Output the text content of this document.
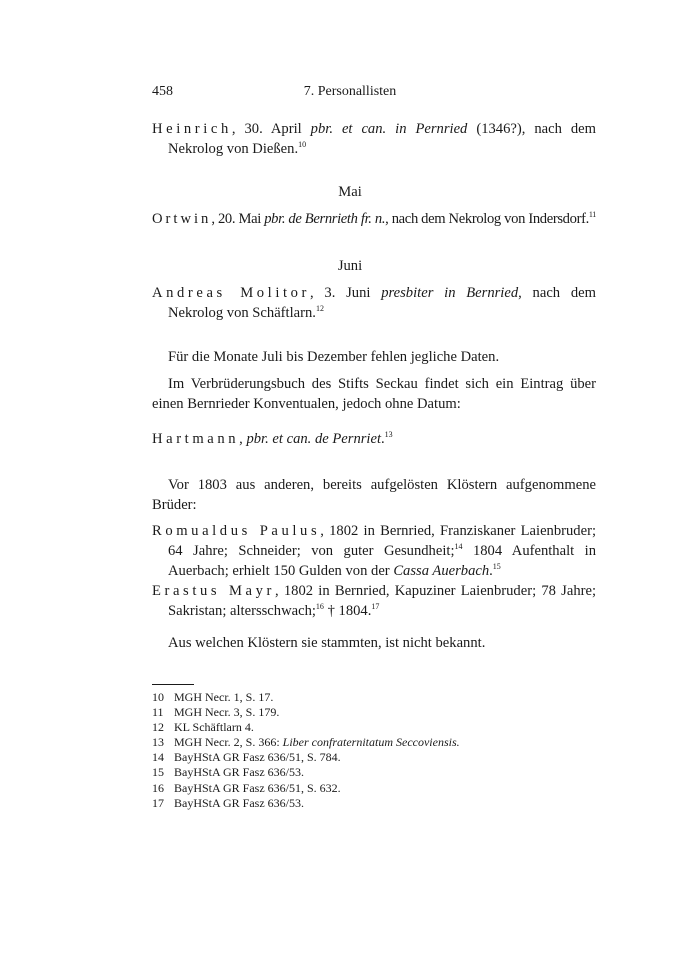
458	7. Personallisten
Heinrich, 30. April pbr. et can. in Pernried (1346?), nach dem Nekrolog von Dießen.$^{10}$
Mai
Ortwin, 20. Mai pbr. de Bernrieth fr. n., nach dem Nekrolog von Indersdorf.$^{11}$
Juni
Andreas Molitor, 3. Juni presbiter in Bernried, nach dem Nekrolog von Schäftlarn.$^{12}$
Für die Monate Juli bis Dezember fehlen jegliche Daten.
Im Verbrüderungsbuch des Stifts Seckau findet sich ein Eintrag über einen Bernrieder Konventualen, jedoch ohne Datum:
Hartmann, pbr. et can. de Pernriet.$^{13}$
Vor 1803 aus anderen, bereits aufgelösten Klöstern aufgenommene Brüder:
Romualdus Paulus, 1802 in Bernried, Franziskaner Laienbruder; 64 Jahre; Schneider; von guter Gesundheit;$^{14}$ 1804 Aufenthalt in Auerbach; erhielt 150 Gulden von der Cassa Auerbach.$^{15}$
Erastus Mayr, 1802 in Bernried, Kapuziner Laienbruder; 78 Jahre; Sakristan; altersschwach;$^{16}$ † 1804.17
Aus welchen Klöstern sie stammten, ist nicht bekannt.
10 MGH Necr. 1, S. 17.
11 MGH Necr. 3, S. 179.
12 KL Schäftlarn 4.
13 MGH Necr. 2, S. 366: Liber confraternitatum Seccoviensis.
14 BayHStA GR Fasz 636/51, S. 784.
15 BayHStA GR Fasz 636/53.
16 BayHStA GR Fasz 636/51, S. 632.
17 BayHStA GR Fasz 636/53.
